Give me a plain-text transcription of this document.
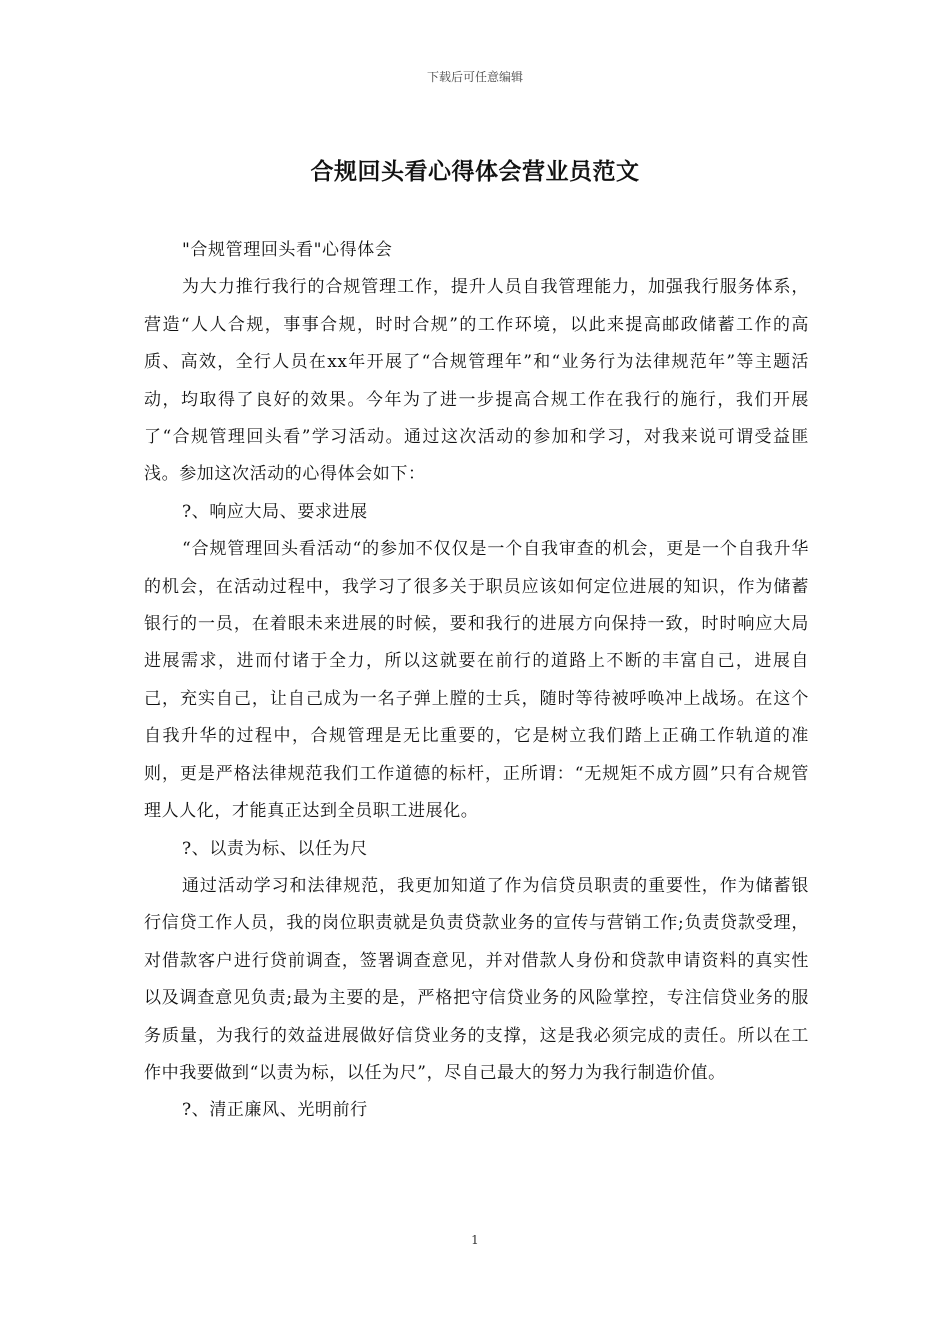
下载后可任意编辑
合规回头看心得体会营业员范文

"合规管理回头看"心得体会

为大力推行我行的合规管理工作，提升人员自我管理能力，加强我行服务体系，营造“人人合规，事事合规，时时合规”的工作环境，以此来提高邮政储蓄工作的高质、高效，全行人员在xx年开展了“合规管理年”和“业务行为法律规范年”等主题活动，均取得了良好的效果。今年为了进一步提高合规工作在我行的施行，我们开展了“合规管理回头看”学习活动。通过这次活动的参加和学习，对我来说可谓受益匪浅。参加这次活动的心得体会如下：

?、响应大局、要求进展

“合规管理回头看活动“的参加不仅仅是一个自我审查的机会，更是一个自我升华的机会，在活动过程中，我学习了很多关于职员应该如何定位进展的知识，作为储蓄银行的一员，在着眼未来进展的时候，要和我行的进展方向保持一致，时时响应大局进展需求，进而付诸于全力，所以这就要在前行的道路上不断的丰富自己，进展自己，充实自己，让自己成为一名子弹上膛的士兵，随时等待被呼唤冲上战场。在这个自我升华的过程中，合规管理是无比重要的，它是树立我们踏上正确工作轨道的准则，更是严格法律规范我们工作道德的标杆，正所谓：“无规矩不成方圆”只有合规管理人人化，才能真正达到全员职工进展化。

?、以责为标、以任为尺

通过活动学习和法律规范，我更加知道了作为信贷员职责的重要性，作为储蓄银行信贷工作人员，我的岗位职责就是负责贷款业务的宣传与营销工作;负责贷款受理，对借款客户进行贷前调查，签署调查意见，并对借款人身份和贷款申请资料的真实性以及调查意见负责;最为主要的是，严格把守信贷业务的风险掌控，专注信贷业务的服务质量，为我行的效益进展做好信贷业务的支撑，这是我必须完成的责任。所以在工作中我要做到“以责为标，以任为尺”，尽自己最大的努力为我行制造价值。

?、清正廉风、光明前行

1
